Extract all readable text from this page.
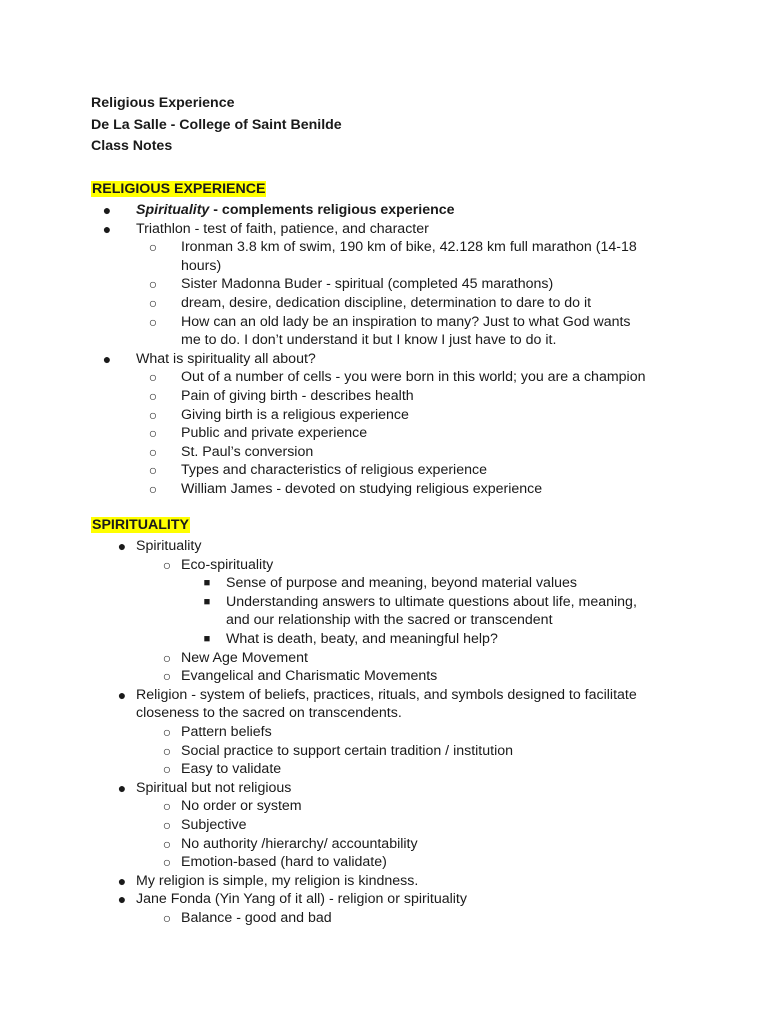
Religious Experience
De La Salle - College of Saint Benilde
Class Notes
RELIGIOUS EXPERIENCE
● Spirituality - complements religious experience
● Triathlon - test of faith, patience, and character
○ Ironman 3.8 km of swim, 190 km of bike, 42.128 km full marathon (14-18
hours)
○ Sister Madonna Buder - spiritual (completed 45 marathons)
○ dream, desire, dedication discipline, determination to dare to do it
○ How can an old lady be an inspiration to many? Just to what God wants
me to do. I don’t understand it but I know I just have to do it.
● What is spirituality all about?
○ Out of a number of cells - you were born in this world; you are a champion
○ Pain of giving birth - describes health
○ Giving birth is a religious experience
○ Public and private experience
○ St. Paul’s conversion
○ Types and characteristics of religious experience
○ William James - devoted on studying religious experience
SPIRITUALITY
● Spirituality
○ Eco-spirituality
■ Sense of purpose and meaning, beyond material values
■ Understanding answers to ultimate questions about life, meaning,
and our relationship with the sacred or transcendent
■ What is death, beaty, and meaningful help?
○ New Age Movement
○ Evangelical and Charismatic Movements
● Religion - system of beliefs, practices, rituals, and symbols designed to facilitate
closeness to the sacred on transcendents.
○ Pattern beliefs
○ Social practice to support certain tradition / institution
○ Easy to validate
● Spiritual but not religious
○ No order or system
○ Subjective
○ No authority /hierarchy/ accountability
○ Emotion-based (hard to validate)
● My religion is simple, my religion is kindness.
● Jane Fonda (Yin Yang of it all) - religion or spirituality
○ Balance - good and bad
